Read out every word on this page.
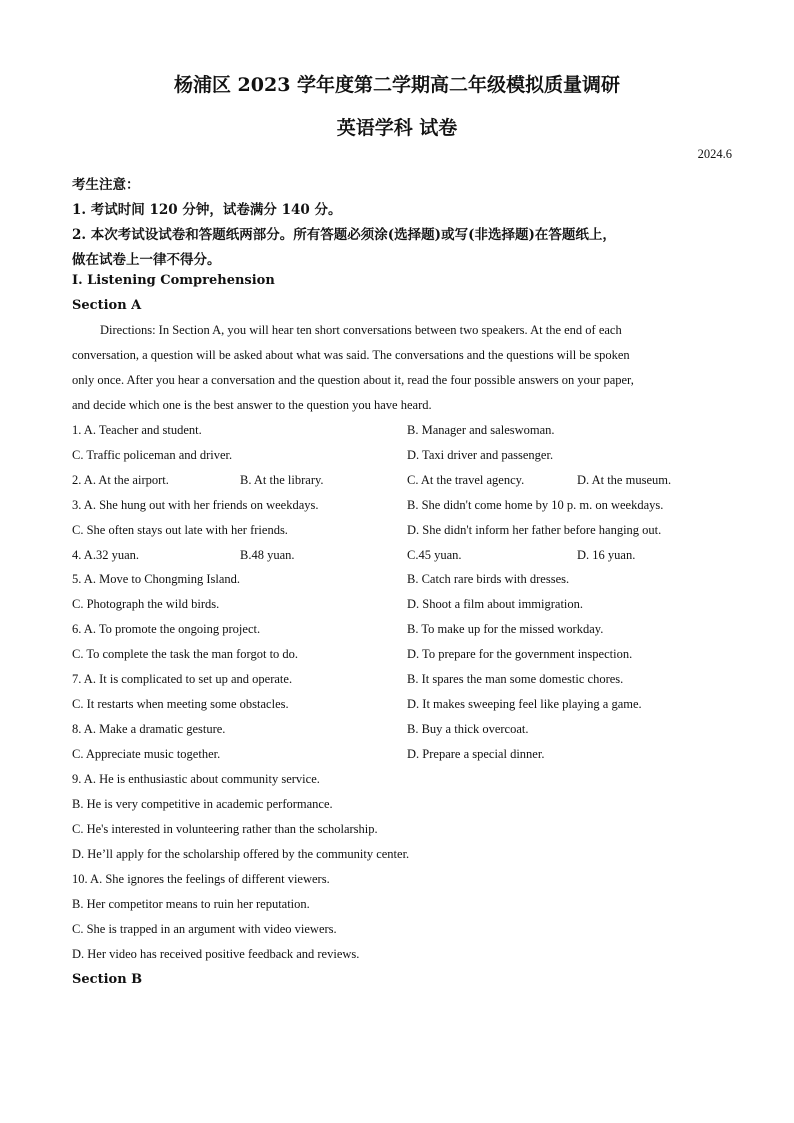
杨浦区 2023 学年度第二学期高二年级模拟质量调研
英语学科 试卷
2024.6
考生注意：
1. 考试时间 120 分钟，试卷满分 140 分。
2. 本次考试设试卷和答题纸两部分。所有答题必须涂(选择题)或写(非选择题)在答题纸上，
做在试卷上一律不得分。
Ⅰ. Listening Comprehension
Section A
Directions: In Section A, you will hear ten short conversations between two speakers. At the end of each
conversation, a question will be asked about what was said. The conversations and the questions will be spoken
only once. After you hear a conversation and the question about it, read the four possible answers on your paper,
and decide which one is the best answer to the question you have heard.
1. A. Teacher and student.	B. Manager and saleswoman.
C. Traffic policeman and driver.	D. Taxi driver and passenger.
2. A. At the airport.	B. At the library.	C. At the travel agency.	D. At the museum.
3. A. She hung out with her friends on weekdays.	B. She didn't come home by 10 p. m. on weekdays.
C. She often stays out late with her friends.	D. She didn't inform her father before hanging out.
4. A.32 yuan.	B.48 yuan.	C.45 yuan.	D. 16 yuan.
5. A. Move to Chongming Island.	B. Catch rare birds with dresses.
C. Photograph the wild birds.	D. Shoot a film about immigration.
6. A. To promote the ongoing project.	B. To make up for the missed workday.
C. To complete the task the man forgot to do.	D. To prepare for the government inspection.
7. A. It is complicated to set up and operate.	B. It spares the man some domestic chores.
C. It restarts when meeting some obstacles.	D. It makes sweeping feel like playing a game.
8. A. Make a dramatic gesture.	B. Buy a thick overcoat.
C. Appreciate music together.	D. Prepare a special dinner.
9. A. He is enthusiastic about community service.
B. He is very competitive in academic performance.
C. He's interested in volunteering rather than the scholarship.
D. He’ll apply for the scholarship offered by the community center.
10. A. She ignores the feelings of different viewers.
B. Her competitor means to ruin her reputation.
C. She is trapped in an argument with video viewers.
D. Her video has received positive feedback and reviews.
Section B
